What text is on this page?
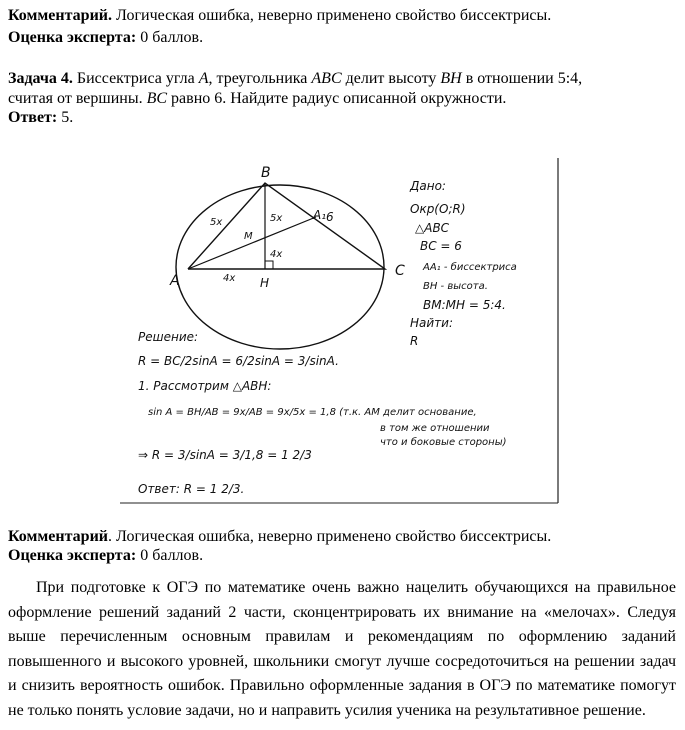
Комментарий. Логическая ошибка, неверно применено свойство биссектрисы.
Оценка эксперта: 0 баллов.
Задача 4. Биссектриса угла A, треугольника ABC делит высоту BH в отношении 5:4,
считая от вершины. BC равно 6. Найдите радиус описанной окружности.
Ответ: 5.
B
A
C
H
M
A₁ 6
5x
5x
4x
4x
Дано:
Окр(О;R)
△ABC
BC = 6
AA₁ - биссектриса
BH - высота.
BM:MH = 5:4.
Найти:
R
Решение:
R = BC/2sinA = 6/2sinA = 3/sinA.
1. Рассмотрим △ABH:
sin A = BH/AB = 9x/AB = 9x/5x = 1,8 (т.к. АМ делит основание,
в том же отношении
что и боковые стороны)
⇒ R = 3/sinA = 3/1,8 = 1 2/3
Ответ: R = 1 2/3.
Комментарий. Логическая ошибка, неверно применено свойство биссектрисы.
Оценка эксперта: 0 баллов.
При подготовке к ОГЭ по математике очень важно нацелить обучающихся на правильное оформление решений заданий 2 части, сконцентрировать их внимание на «мелочах». Следуя выше перечисленным основным правилам и рекомендациям по оформлению заданий повышенного и высокого уровней, школьники смогут лучше сосредоточиться на решении задач и снизить вероятность ошибок. Правильно оформленные задания в ОГЭ по математике помогут не только понять условие задачи, но и направить усилия ученика на результативное решение.
